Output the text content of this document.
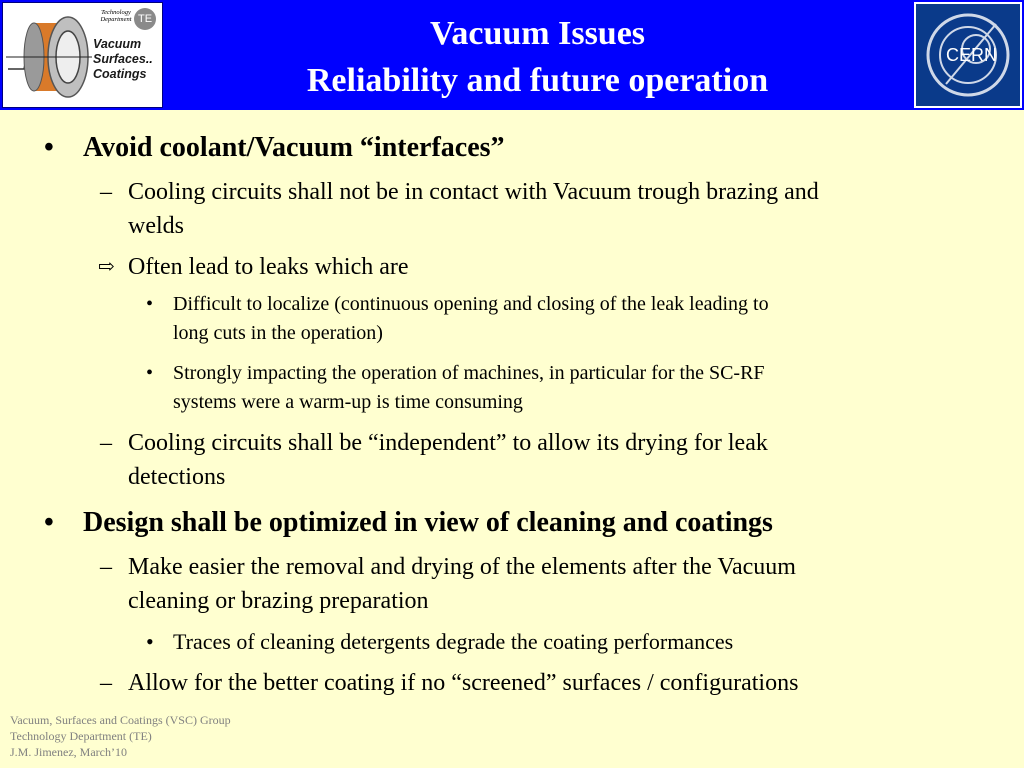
Technology
Department TE
Vacuum
Surfaces..
Coatings
Vacuum Issues
Reliability and future operation
CERN
• Avoid coolant/Vacuum “interfaces”
– Cooling circuits shall not be in contact with Vacuum trough brazing and
welds
⇨ Often lead to leaks which are
• Difficult to localize (continuous opening and closing of the leak leading to
long cuts in the operation)
• Strongly impacting the operation of machines, in particular for the SC-RF
systems were a warm-up is time consuming
– Cooling circuits shall be “independent” to allow its drying for leak
detections
• Design shall be optimized in view of cleaning and coatings
– Make easier the removal and drying of the elements after the Vacuum
cleaning or brazing preparation
• Traces of cleaning detergents degrade the coating performances
– Allow for the better coating if no “screened” surfaces / configurations
Vacuum, Surfaces and Coatings (VSC) Group
Technology Department (TE)
J.M. Jimenez, March’10
